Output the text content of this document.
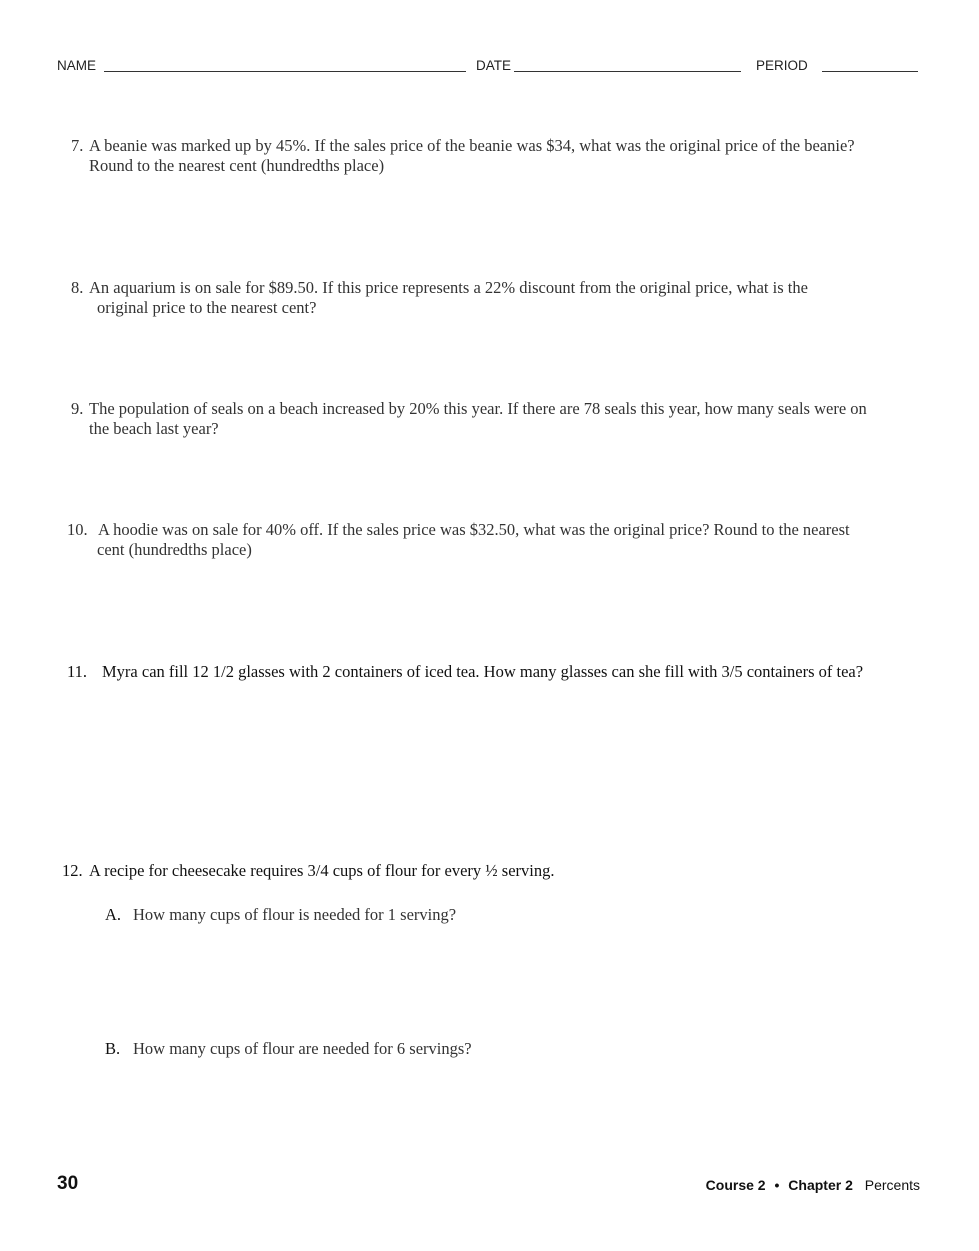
NAME	DATE	PERIOD
7. A beanie was marked up by 45%. If the sales price of the beanie was $34, what was the original price of the beanie?
Round to the nearest cent (hundredths place)
8. An aquarium is on sale for $89.50. If this price represents a 22% discount from the original price, what is the
original price to the nearest cent?
9. The population of seals on a beach increased by 20% this year. If there are 78 seals this year, how many seals were on
the beach last year?
10. A hoodie was on sale for 40% off. If the sales price was $32.50, what was the original price? Round to the nearest
cent (hundredths place)
11. Myra can fill 12 1/2 glasses with 2 containers of iced tea. How many glasses can she fill with 3/5 containers of tea?
12. A recipe for cheesecake requires 3/4 cups of flour for every ½ serving.
A. How many cups of flour is needed for 1 serving?
B. How many cups of flour are needed for 6 servings?
30	Course 2 • Chapter 2 Percents
